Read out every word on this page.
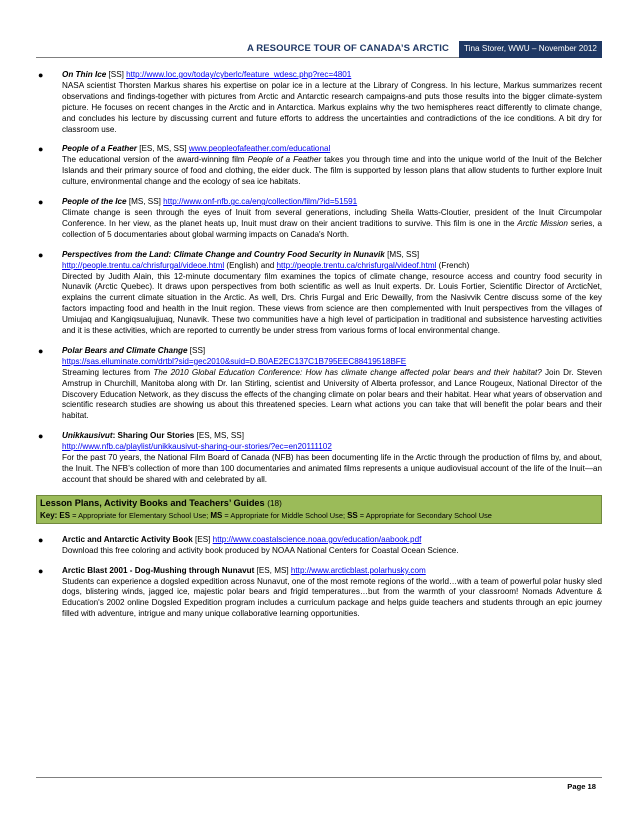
A RESOURCE TOUR OF CANADA’S ARCTIC	Tina Storer, WWU – November 2012
● On Thin Ice [SS] http://www.loc.gov/today/cyberlc/feature_wdesc.php?rec=4801
NASA scientist Thorsten Markus shares his expertise on polar ice in a lecture at the Library of Congress. In his lecture, Markus summarizes recent observations and findings-together with pictures from Arctic and Antarctic research campaigns-and puts those results into the bigger climate-system picture. He focuses on recent changes in the Arctic and in Antarctica. Markus explains why the two hemispheres react differently to climate change, and concludes his lecture by discussing current and future efforts to address the uncertainties and contradictions of the ice conditions. A bit dry for classroom use.

● People of a Feather [ES, MS, SS] www.peopleofafeather.com/educational
The educational version of the award-winning film People of a Feather takes you through time and into the unique world of the Inuit of the Belcher Islands and their primary source of food and clothing, the eider duck. The film is supported by lesson plans that allow students to further explore Inuit culture, environmental change and the ecology of sea ice habitats.

● People of the Ice [MS, SS] http://www.onf-nfb.gc.ca/eng/collection/film/?id=51591
Climate change is seen through the eyes of Inuit from several generations, including Sheila Watts-Cloutier, president of the Inuit Circumpolar Conference. In her view, as the planet heats up, Inuit must draw on their ancient traditions to survive. This film is one in the Arctic Mission series, a collection of 5 documentaries about global warming impacts on Canada's North.

● Perspectives from the Land: Climate Change and Country Food Security in Nunavik [MS, SS]
http://people.trentu.ca/chrisfurgal/videoe.html (English) and http://people.trentu.ca/chrisfurgal/videof.html (French)
Directed by Judith Alain, this 12-minute documentary film examines the topics of climate change, resource access and country food security in Nunavik (Arctic Quebec). It draws upon perspectives from both scientific as well as Inuit experts. Dr. Louis Fortier, Scientific Director of ArcticNet, explains the current climate situation in the Arctic. As well, Drs. Chris Furgal and Eric Dewailly, from the Nasivvik Centre discuss some of the key factors impacting food and health in the Inuit region. These views from science are then complemented with Inuit perspectives from the villages of Umiujaq and Kangiqsualujjuaq, Nunavik. These two communities have a high level of participation in traditional and subsistence harvesting activities and it is these activities, which are reported to currently be under stress from various forms of local environmental change.

● Polar Bears and Climate Change [SS]
https://sas.elluminate.com/drtbl?sid=gec2010&suid=D.B0AE2EC137C1B795EEC88419518BFE
Streaming lectures from The 2010 Global Education Conference: How has climate change affected polar bears and their habitat? Join Dr. Steven Amstrup in Churchill, Manitoba along with Dr. Ian Stirling, scientist and University of Alberta professor, and Lance Rougeux, National Director of the Discovery Education Network, as they discuss the effects of the changing climate on polar bears and their habitat. Hear what years of observation and scientific research studies are showing us about this threatened species. Learn what actions you can take that will benefit the polar bears and their habitat.

● Unikkausivut: Sharing Our Stories [ES, MS, SS]
http://www.nfb.ca/playlist/unikkausivut-sharing-our-stories/?ec=en20111102
For the past 70 years, the National Film Board of Canada (NFB) has been documenting life in the Arctic through the production of films by, and about, the Inuit. The NFB’s collection of more than 100 documentaries and animated films represents a unique audiovisual account of the life of the Inuit—an account that should be shared with and celebrated by all.

Lesson Plans, Activity Books and Teachers’ Guides (18)
Key: ES = Appropriate for Elementary School Use; MS = Appropriate for Middle School Use; SS = Appropriate for Secondary School Use
● Arctic and Antarctic Activity Book [ES] http://www.coastalscience.noaa.gov/education/aabook.pdf
Download this free coloring and activity book produced by NOAA National Centers for Coastal Ocean Science.

● Arctic Blast 2001 - Dog-Mushing through Nunavut [ES, MS] http://www.arcticblast.polarhusky.com
Students can experience a dogsled expedition across Nunavut, one of the most remote regions of the world…with a team of powerful polar husky sled dogs, blistering winds, jagged ice, majestic polar bears and frigid temperatures…but from the warmth of your classroom! Nomads Adventure & Education's 2002 online Dogsled Expedition program includes a curriculum package and helps guide teachers and students through an epic journey filled with adventure, intrigue and many unique collaborative learning opportunities.

Page 18
